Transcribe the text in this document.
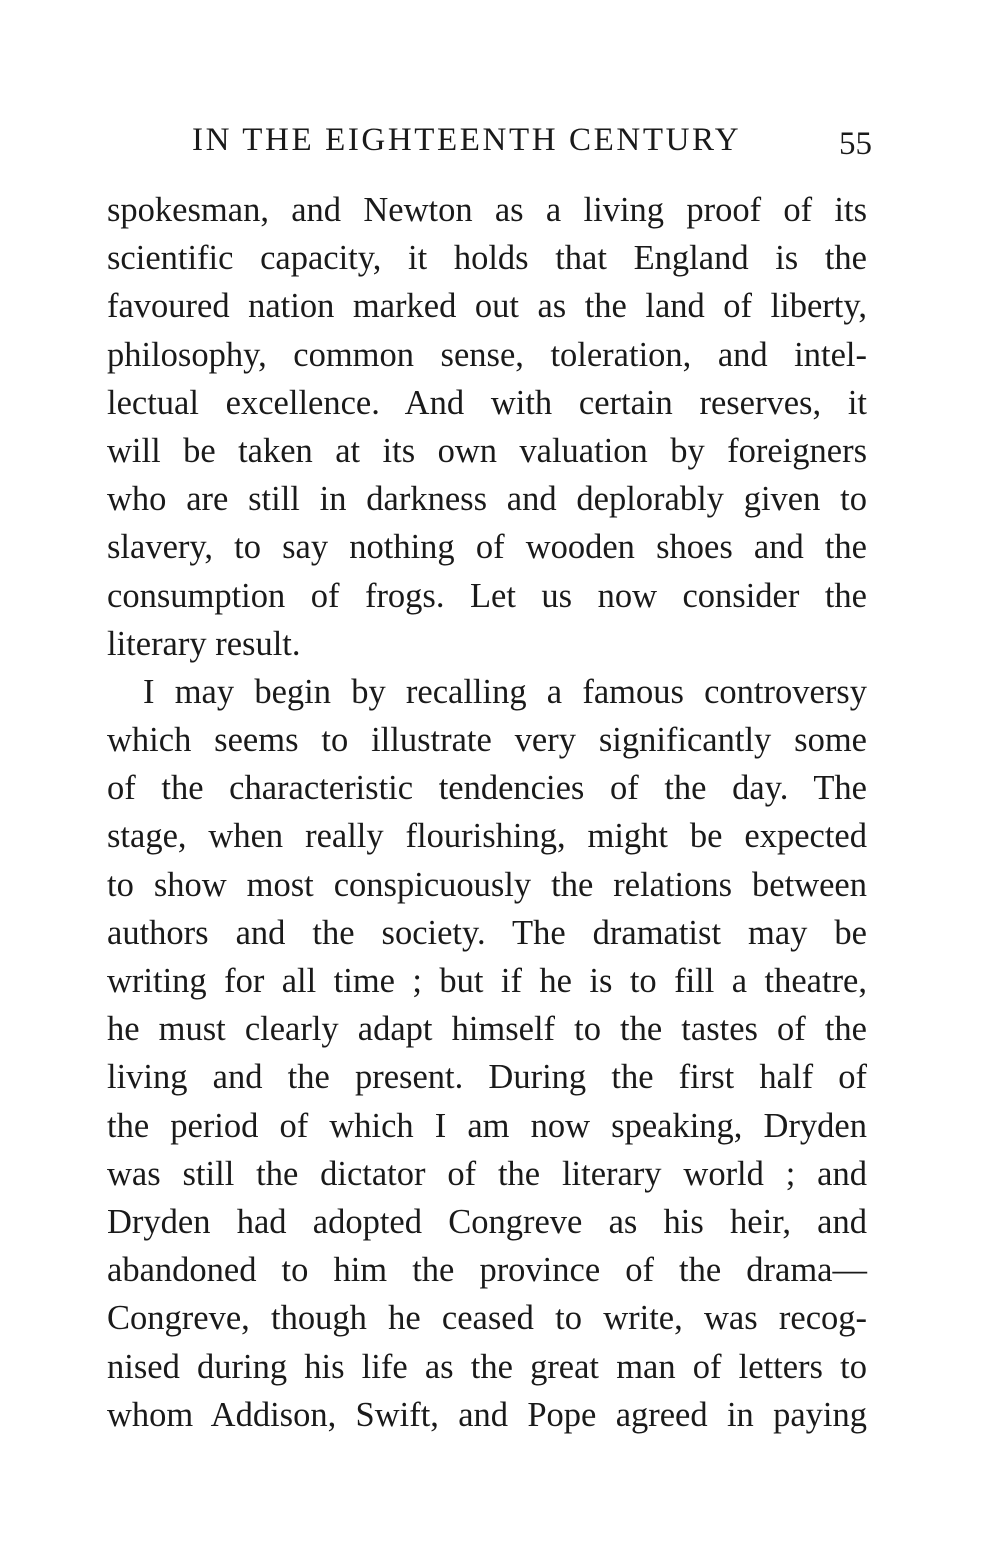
IN THE EIGHTEENTH CENTURY	55
spokesman, and Newton as a living proof of its
scientific capacity, it holds that England is the
favoured nation marked out as the land of liberty,
philosophy, common sense, toleration, and intel-
lectual excellence. And with certain reserves, it
will be taken at its own valuation by foreigners
who are still in darkness and deplorably given to
slavery, to say nothing of wooden shoes and the
consumption of frogs. Let us now consider the
literary result.
I may begin by recalling a famous controversy
which seems to illustrate very significantly some
of the characteristic tendencies of the day. The
stage, when really flourishing, might be expected
to show most conspicuously the relations between
authors and the society. The dramatist may be
writing for all time ; but if he is to fill a theatre,
he must clearly adapt himself to the tastes of the
living and the present. During the first half of
the period of which I am now speaking, Dryden
was still the dictator of the literary world ; and
Dryden had adopted Congreve as his heir, and
abandoned to him the province of the drama—
Congreve, though he ceased to write, was recog-
nised during his life as the great man of letters to
whom Addison, Swift, and Pope agreed in paying
